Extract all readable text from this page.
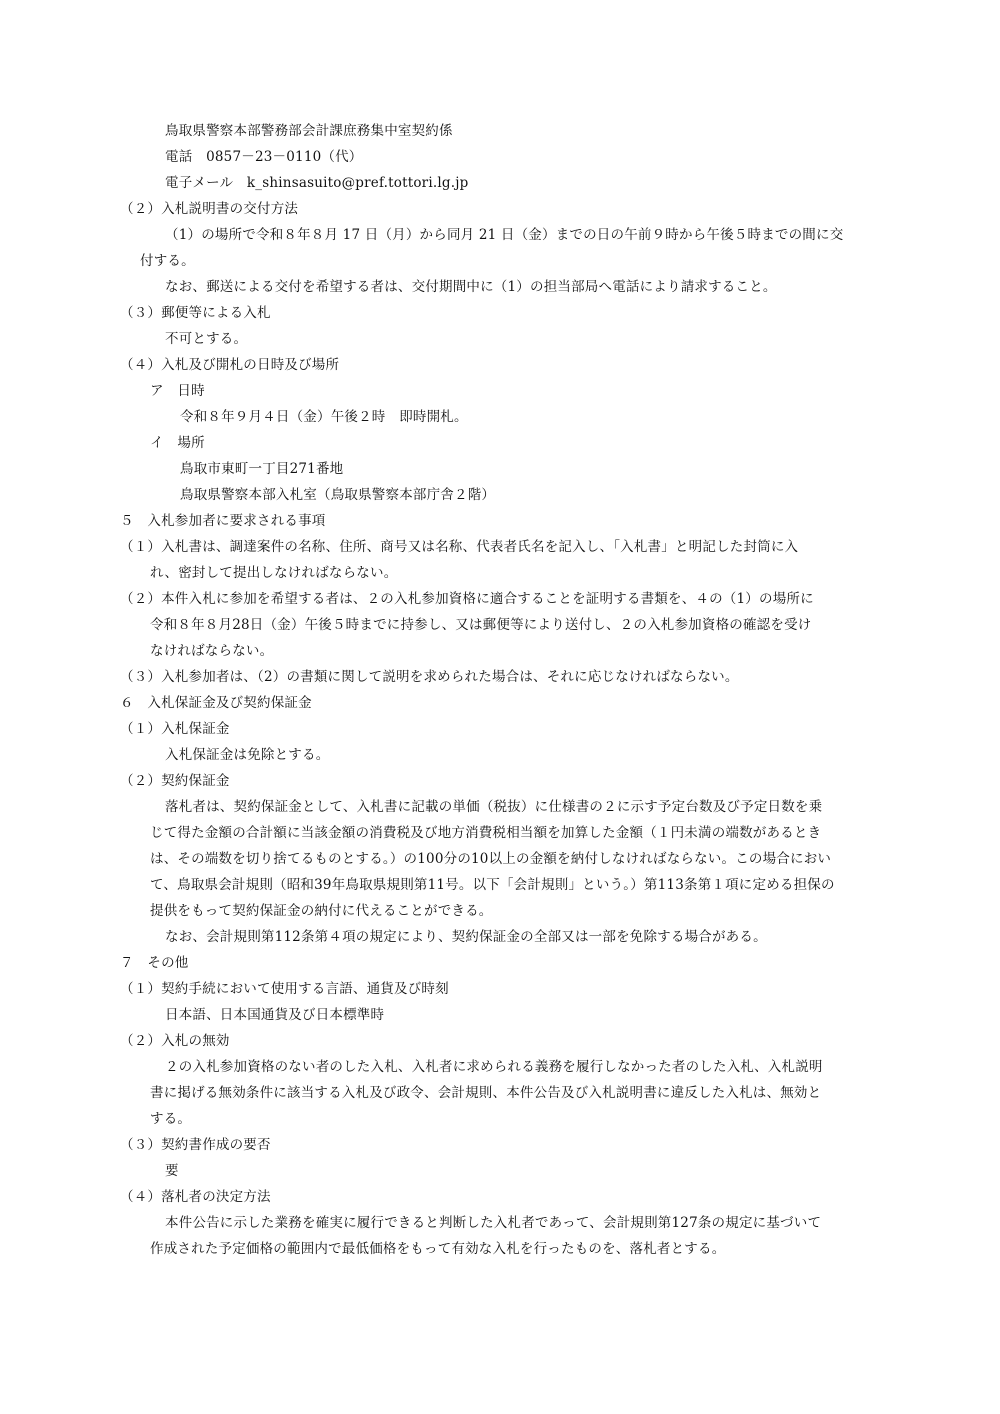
鳥取県警察本部警務部会計課庶務集中室契約係
電話　0857－23－0110（代）
電子メール　k_shinsasuito@pref.tottori.lg.jp
（２）入札説明書の交付方法
（1）の場所で令和８年８月 17 日（月）から同月 21 日（金）までの日の午前９時から午後５時までの間に交
付する。
なお、郵送による交付を希望する者は、交付期間中に（1）の担当部局へ電話により請求すること。
（３）郵便等による入札
不可とする。
（４）入札及び開札の日時及び場所
ア　日時
令和８年９月４日（金）午後２時　即時開札。
イ　場所
鳥取市東町一丁目271番地
鳥取県警察本部入札室（鳥取県警察本部庁舎２階）
５　入札参加者に要求される事項
（１）入札書は、調達案件の名称、住所、商号又は名称、代表者氏名を記入し、「入札書」と明記した封筒に入
れ、密封して提出しなければならない。
（２）本件入札に参加を希望する者は、２の入札参加資格に適合することを証明する書類を、４の（1）の場所に
令和８年８月28日（金）午後５時までに持参し、又は郵便等により送付し、２の入札参加資格の確認を受け
なければならない。
（３）入札参加者は、（2）の書類に関して説明を求められた場合は、それに応じなければならない。
６　入札保証金及び契約保証金
（１）入札保証金
入札保証金は免除とする。
（２）契約保証金
落札者は、契約保証金として、入札書に記載の単価（税抜）に仕様書の２に示す予定台数及び予定日数を乗
じて得た金額の合計額に当該金額の消費税及び地方消費税相当額を加算した金額（１円未満の端数があるとき
は、その端数を切り捨てるものとする。）の100分の10以上の金額を納付しなければならない。この場合におい
て、鳥取県会計規則（昭和39年鳥取県規則第11号。以下「会計規則」という。）第113条第１項に定める担保の
提供をもって契約保証金の納付に代えることができる。
なお、会計規則第112条第４項の規定により、契約保証金の全部又は一部を免除する場合がある。
７　その他
（１）契約手続において使用する言語、通貨及び時刻
日本語、日本国通貨及び日本標準時
（２）入札の無効
２の入札参加資格のない者のした入札、入札者に求められる義務を履行しなかった者のした入札、入札説明
書に掲げる無効条件に該当する入札及び政令、会計規則、本件公告及び入札説明書に違反した入札は、無効と
する。
（３）契約書作成の要否
要
（４）落札者の決定方法
本件公告に示した業務を確実に履行できると判断した入札者であって、会計規則第127条の規定に基づいて
作成された予定価格の範囲内で最低価格をもって有効な入札を行ったものを、落札者とする。
